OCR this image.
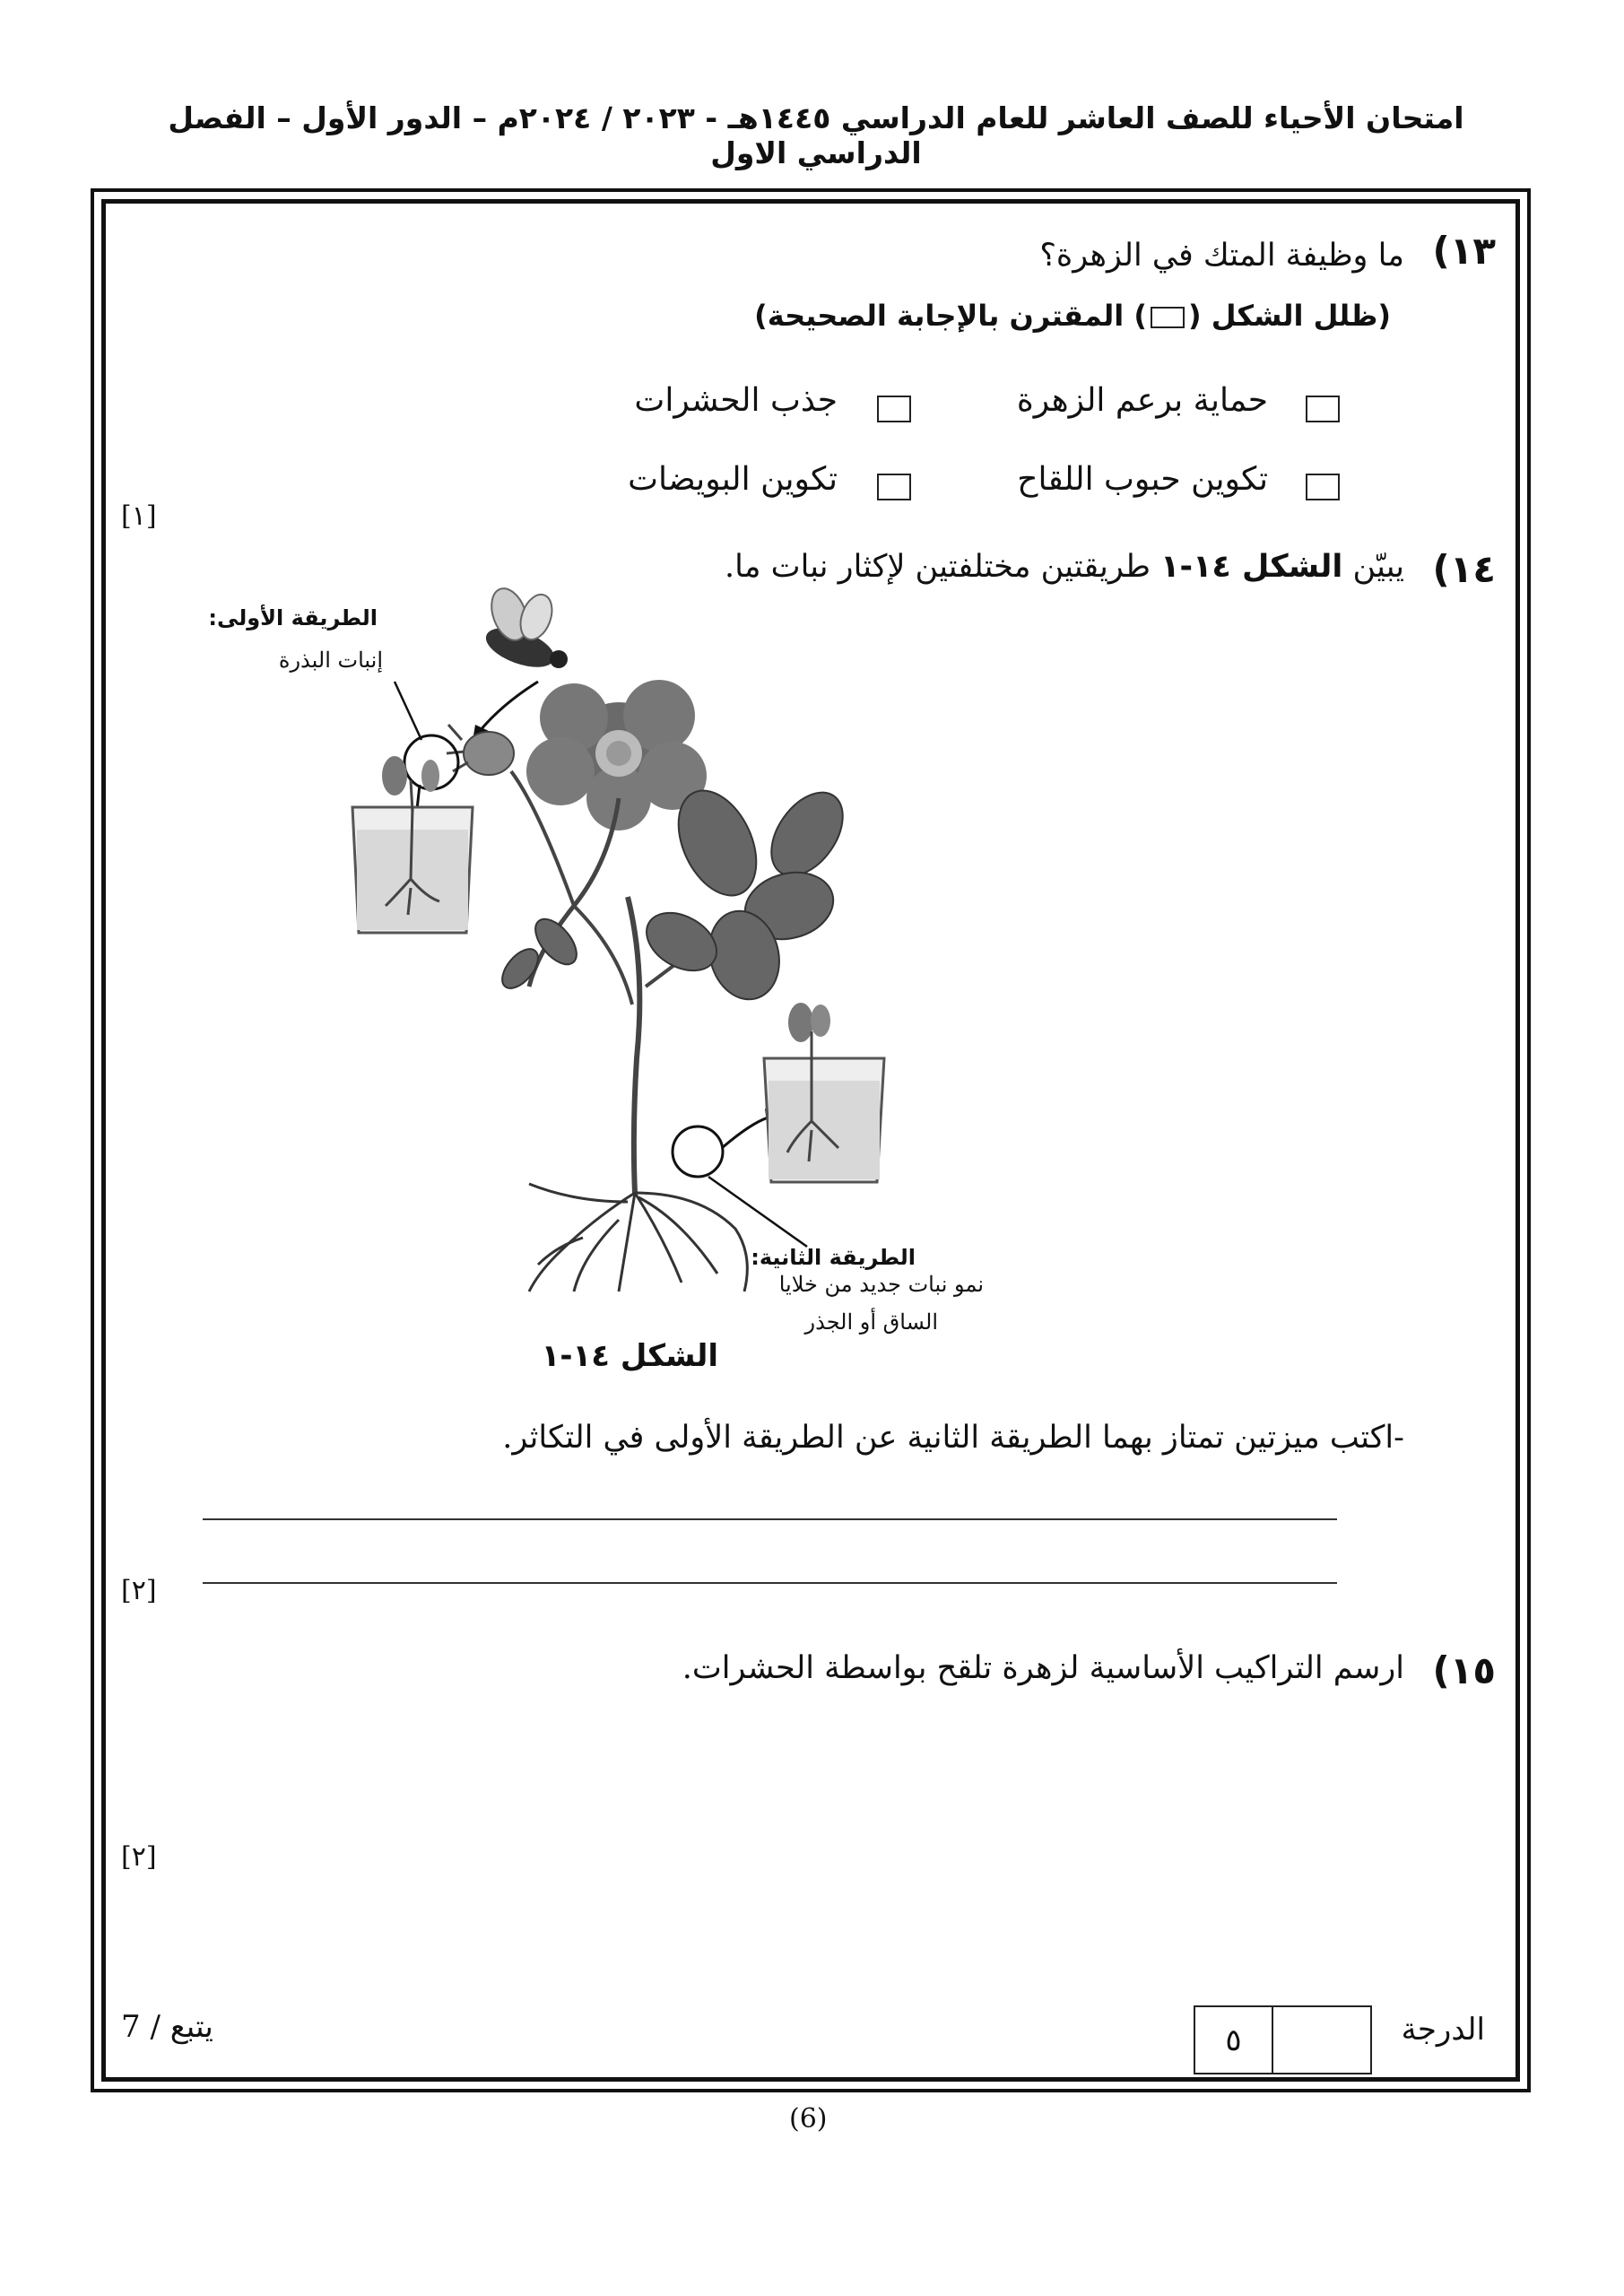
امتحان الأحياء للصف العاشر للعام الدراسي ١٤٤٥هـ - ٢٠٢٣ / ٢٠٢٤م – الدور الأول – الفصل الدراسي الاول
١٣)
ما وظيفة المتك في الزهرة؟
(ظلل الشكل () المقترن بالإجابة الصحيحة)
حماية برعم الزهرة
جذب الحشرات
تكوين حبوب اللقاح
تكوين البويضات
[١]
١٤)
يبيّن الشكل ١٤-١ طريقتين مختلفتين لإكثار نبات ما.
الطريقة الأولى:
إنبات البذرة
الطريقة الثانية:
نمو نبات جديد من خلايا
الساق أو الجذر
الشكل ١٤-١
-اكتب ميزتين تمتاز بهما الطريقة الثانية عن الطريقة الأولى في التكاثر.
[٢]
١٥)
ارسم التراكيب الأساسية لزهرة تلقح بواسطة الحشرات.
[٢]
الدرجة
٥
يتبع / 7
(6)
